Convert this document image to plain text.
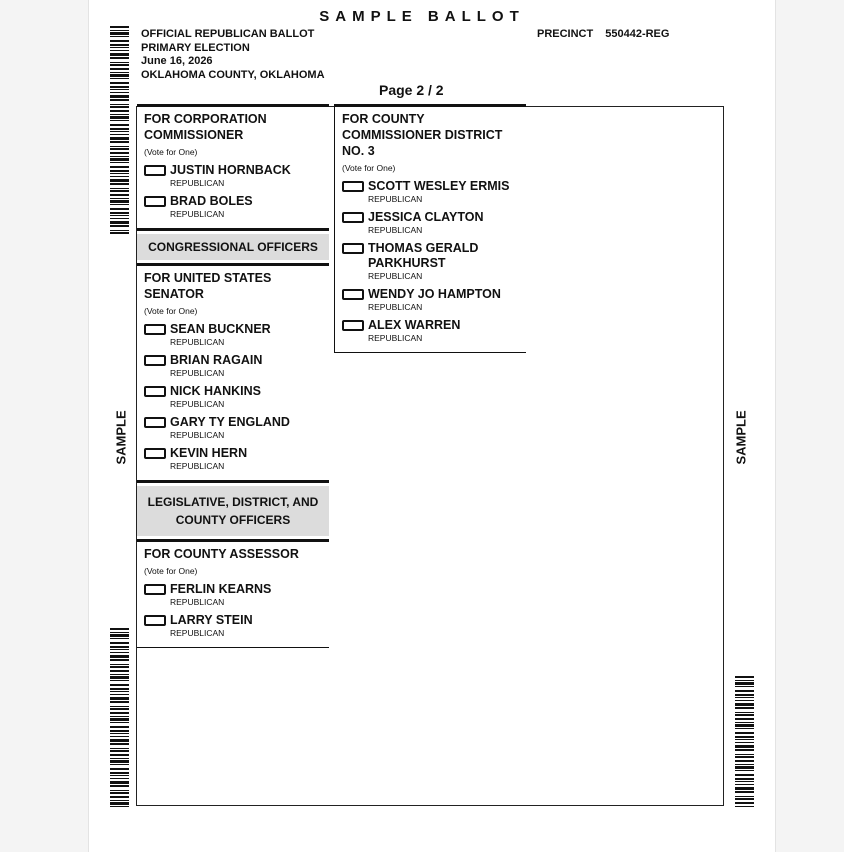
SAMPLE BALLOT
OFFICIAL REPUBLICAN BALLOT
PRIMARY ELECTION
June 16, 2026
OKLAHOMA COUNTY, OKLAHOMA
PRECINCT 550442-REG
Page 2 / 2
FOR CORPORATION COMMISSIONER
(Vote for One)
JUSTIN HORNBACK
REPUBLICAN
BRAD BOLES
REPUBLICAN
CONGRESSIONAL OFFICERS
FOR UNITED STATES SENATOR
(Vote for One)
SEAN BUCKNER
REPUBLICAN
BRIAN RAGAIN
REPUBLICAN
NICK HANKINS
REPUBLICAN
GARY TY ENGLAND
REPUBLICAN
KEVIN HERN
REPUBLICAN
LEGISLATIVE, DISTRICT, AND COUNTY OFFICERS
FOR COUNTY ASSESSOR
(Vote for One)
FERLIN KEARNS
REPUBLICAN
LARRY STEIN
REPUBLICAN
FOR COUNTY COMMISSIONER DISTRICT NO. 3
(Vote for One)
SCOTT WESLEY ERMIS
REPUBLICAN
JESSICA CLAYTON
REPUBLICAN
THOMAS GERALD PARKHURST
REPUBLICAN
WENDY JO HAMPTON
REPUBLICAN
ALEX WARREN
REPUBLICAN
SAMPLE	SAMPLE
